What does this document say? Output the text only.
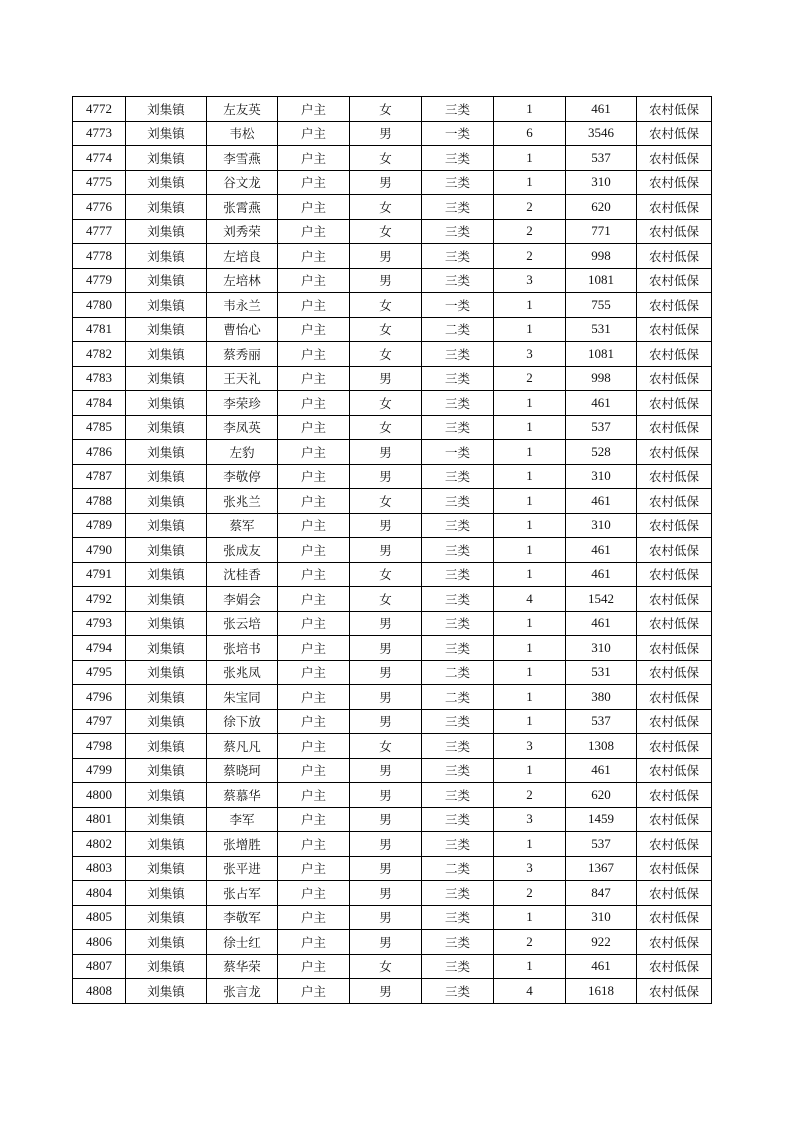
4772	刘集镇	左友英	户主	女	三类	1	461	农村低保
4773	刘集镇	韦松	户主	男	一类	6	3546	农村低保
4774	刘集镇	李雪燕	户主	女	三类	1	537	农村低保
4775	刘集镇	谷文龙	户主	男	三类	1	310	农村低保
4776	刘集镇	张霄燕	户主	女	三类	2	620	农村低保
4777	刘集镇	刘秀荣	户主	女	三类	2	771	农村低保
4778	刘集镇	左培良	户主	男	三类	2	998	农村低保
4779	刘集镇	左培林	户主	男	三类	3	1081	农村低保
4780	刘集镇	韦永兰	户主	女	一类	1	755	农村低保
4781	刘集镇	曹怡心	户主	女	二类	1	531	农村低保
4782	刘集镇	蔡秀丽	户主	女	三类	3	1081	农村低保
4783	刘集镇	王天礼	户主	男	三类	2	998	农村低保
4784	刘集镇	李荣珍	户主	女	三类	1	461	农村低保
4785	刘集镇	李凤英	户主	女	三类	1	537	农村低保
4786	刘集镇	左豹	户主	男	一类	1	528	农村低保
4787	刘集镇	李敬停	户主	男	三类	1	310	农村低保
4788	刘集镇	张兆兰	户主	女	三类	1	461	农村低保
4789	刘集镇	蔡军	户主	男	三类	1	310	农村低保
4790	刘集镇	张成友	户主	男	三类	1	461	农村低保
4791	刘集镇	沈桂香	户主	女	三类	1	461	农村低保
4792	刘集镇	李娟会	户主	女	三类	4	1542	农村低保
4793	刘集镇	张云培	户主	男	三类	1	461	农村低保
4794	刘集镇	张培书	户主	男	三类	1	310	农村低保
4795	刘集镇	张兆凤	户主	男	二类	1	531	农村低保
4796	刘集镇	朱宝同	户主	男	二类	1	380	农村低保
4797	刘集镇	徐下放	户主	男	三类	1	537	农村低保
4798	刘集镇	蔡凡凡	户主	女	三类	3	1308	农村低保
4799	刘集镇	蔡晓珂	户主	男	三类	1	461	农村低保
4800	刘集镇	蔡慕华	户主	男	三类	2	620	农村低保
4801	刘集镇	李军	户主	男	三类	3	1459	农村低保
4802	刘集镇	张增胜	户主	男	三类	1	537	农村低保
4803	刘集镇	张平进	户主	男	二类	3	1367	农村低保
4804	刘集镇	张占军	户主	男	三类	2	847	农村低保
4805	刘集镇	李敬军	户主	男	三类	1	310	农村低保
4806	刘集镇	徐士红	户主	男	三类	2	922	农村低保
4807	刘集镇	蔡华荣	户主	女	三类	1	461	农村低保
4808	刘集镇	张言龙	户主	男	三类	4	1618	农村低保
